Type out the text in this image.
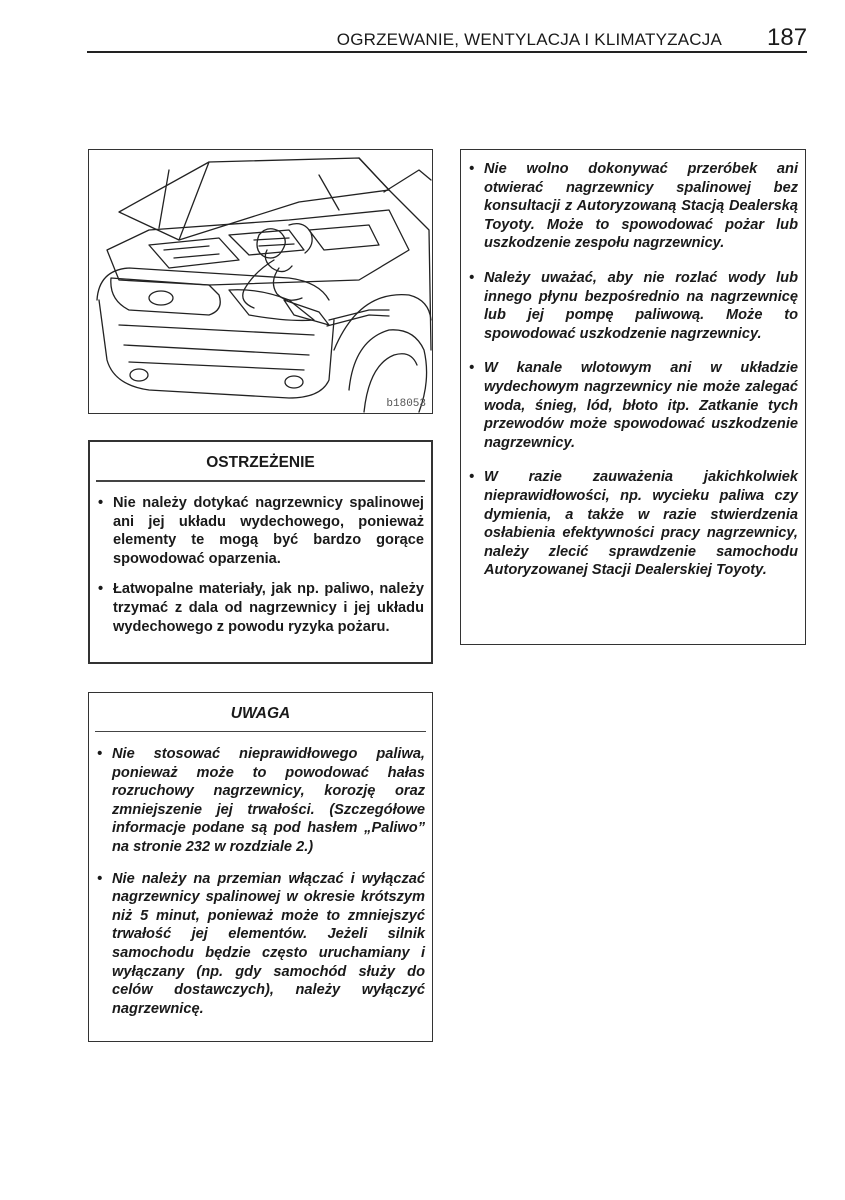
OGRZEWANIE, WENTYLACJA I KLIMATYZACJA 187
b18053
OSTRZEŻENIE
• Nie należy dotykać nagrzewnicy spalinowej ani jej układu wydechowego, ponieważ elementy te mogą być bardzo gorące spowodować oparzenia.
• Łatwopalne materiały, jak np. paliwo, należy trzymać z dala od nagrzewnicy i jej układu wydechowego z powodu ryzyka pożaru.
UWAGA
• Nie stosować nieprawidłowego paliwa, ponieważ może to powodować hałas rozruchowy nagrzewnicy, korozję oraz zmniejszenie jej trwałości. (Szczegółowe informacje podane są pod hasłem „Paliwo” na stronie 232 w rozdziale 2.)
• Nie należy na przemian włączać i wyłączać nagrzewnicy spalinowej w okresie krótszym niż 5 minut, ponieważ może to zmniejszyć trwałość jej elementów. Jeżeli silnik samochodu będzie często uruchamiany i wyłączany (np. gdy samochód służy do celów dostawczych), należy wyłączyć nagrzewnicę.
• Nie wolno dokonywać przeróbek ani otwierać nagrzewnicy spalinowej bez konsultacji z Autoryzowaną Stacją Dealerską Toyoty. Może to spowodować pożar lub uszkodzenie zespołu nagrzewnicy.
• Należy uważać, aby nie rozlać wody lub innego płynu bezpośrednio na nagrzewnicę lub jej pompę paliwową. Może to spowodować uszkodzenie nagrzewnicy.
• W kanale wlotowym ani w układzie wydechowym nagrzewnicy nie może zalegać woda, śnieg, lód, błoto itp. Zatkanie tych przewodów może spowodować uszkodzenie nagrzewnicy.
• W razie zauważenia jakichkolwiek nieprawidłowości, np. wycieku paliwa czy dymienia, a także w razie stwierdzenia osłabienia efektywności pracy nagrzewnicy, należy zlecić sprawdzenie samochodu Autoryzowanej Stacji Dealerskiej Toyoty.
